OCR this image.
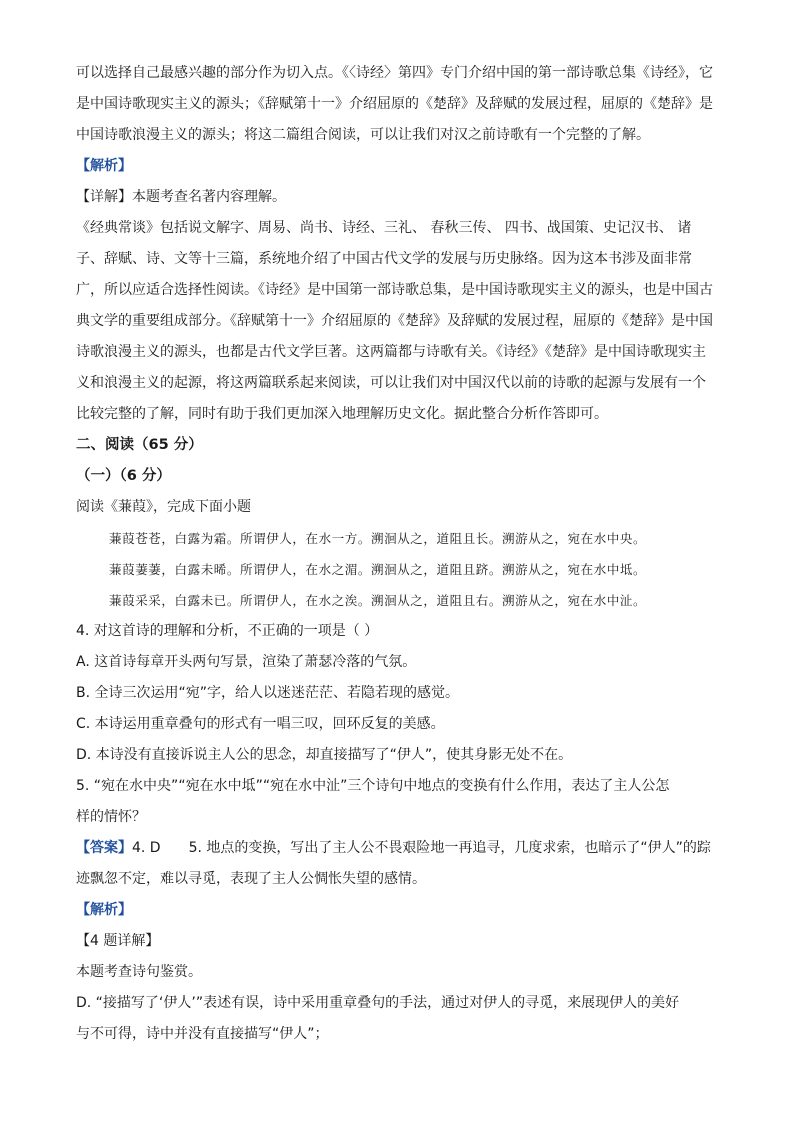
可以选择自己最感兴趣的部分作为切入点。《〈诗经〉第四》专门介绍中国的第一部诗歌总集《诗经》，它

是中国诗歌现实主义的源头；《辞赋第十一》介绍屈原的《楚辞》及辞赋的发展过程，屈原的《楚辞》是

中国诗歌浪漫主义的源头；将这二篇组合阅读，可以让我们对汉之前诗歌有一个完整的了解。

【解析】

【详解】本题考查名著内容理解。

《经典常谈》包括说文解字、周易、尚书、诗经、三礼、 春秋三传、 四书、战国策、史记汉书、 诸

子、辞赋、诗、文等十三篇，系统地介绍了中国古代文学的发展与历史脉络。因为这本书涉及面非常

广，所以应适合选择性阅读。《诗经》是中国第一部诗歌总集，是中国诗歌现实主义的源头，也是中国古

典文学的重要组成部分。《辞赋第十一》介绍屈原的《楚辞》及辞赋的发展过程，屈原的《楚辞》是中国

诗歌浪漫主义的源头，也都是古代文学巨著。这两篇都与诗歌有关。《诗经》《楚辞》是中国诗歌现实主

义和浪漫主义的起源，将这两篇联系起来阅读，可以让我们对中国汉代以前的诗歌的起源与发展有一个

比较完整的了解，同时有助于我们更加深入地理解历史文化。据此整合分析作答即可。

二、阅读（65 分）

（一）（6 分）

阅读《蒹葭》，完成下面小题

蒹葭苍苍，白露为霜。所谓伊人，在水一方。溯洄从之，道阻且长。溯游从之，宛在水中央。

蒹葭萋萋，白露未晞。所谓伊人，在水之湄。溯洄从之，道阻且跻。溯游从之，宛在水中坻。

蒹葭采采，白露未已。所谓伊人，在水之涘。溯洄从之，道阻且右。溯游从之，宛在水中沚。

4. 对这首诗的理解和分析，不正确的一项是（ ）

A. 这首诗每章开头两句写景，渲染了萧瑟冷落的气氛。

B. 全诗三次运用“宛”字，给人以迷迷茫茫、若隐若现的感觉。

C. 本诗运用重章叠句的形式有一唱三叹，回环反复的美感。

D. 本诗没有直接诉说主人公的思念，却直接描写了“伊人”，使其身影无处不在。

5. “宛在水中央”“宛在水中坻”“宛在水中沚”三个诗句中地点的变换有什么作用，表达了主人公怎

样的情怀？

【答案】4. D 5. 地点的变换，写出了主人公不畏艰险地一再追寻，几度求索，也暗示了“伊人”的踪

迹飘忽不定，难以寻觅，表现了主人公惆怅失望的感情。

【解析】

【4 题详解】

本题考查诗句鉴赏。

D. “接描写了‘伊人’”表述有误，诗中采用重章叠句的手法，通过对伊人的寻觅，来展现伊人的美好

与不可得，诗中并没有直接描写“伊人”；
